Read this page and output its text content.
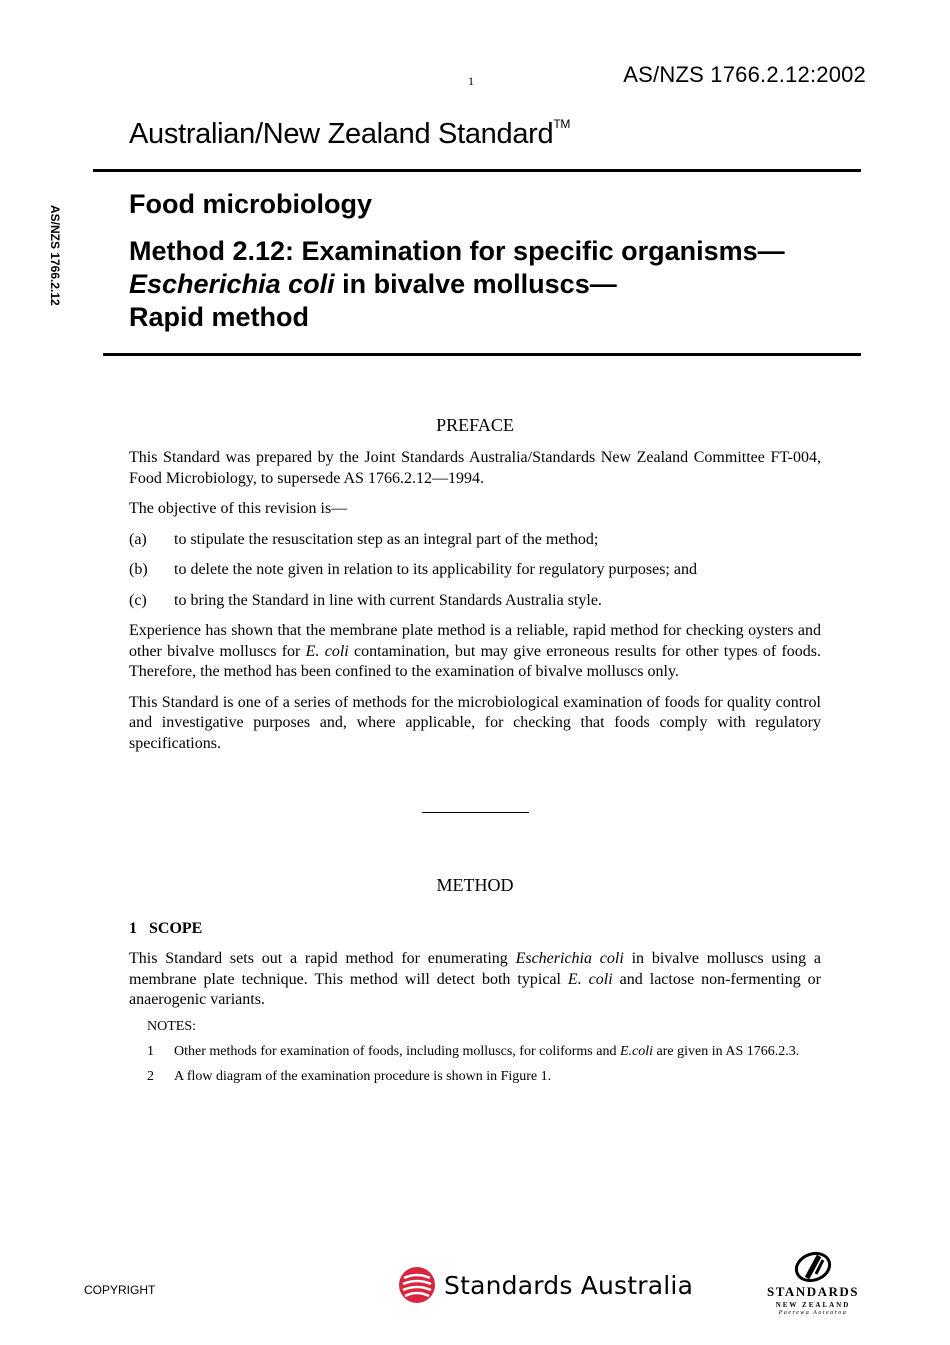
1	AS/NZS 1766.2.12:2002
Australian/New Zealand Standard™
AS/NZS 1766.2.12

Food microbiology

Method 2.12: Examination for specific organisms—
Escherichia coli in bivalve molluscs—
Rapid method

PREFACE

This Standard was prepared by the Joint Standards Australia/Standards New Zealand Committee FT-004, Food Microbiology, to supersede AS 1766.2.12—1994.

The objective of this revision is—

(a)	to stipulate the resuscitation step as an integral part of the method;
(b)	to delete the note given in relation to its applicability for regulatory purposes; and
(c)	to bring the Standard in line with current Standards Australia style.

Experience has shown that the membrane plate method is a reliable, rapid method for checking oysters and other bivalve molluscs for E. coli contamination, but may give erroneous results for other types of foods. Therefore, the method has been confined to the examination of bivalve molluscs only.

This Standard is one of a series of methods for the microbiological examination of foods for quality control and investigative purposes and, where applicable, for checking that foods comply with regulatory specifications.

METHOD
1 SCOPE

This Standard sets out a rapid method for enumerating Escherichia coli in bivalve molluscs using a membrane plate technique. This method will detect both typical E. coli and lactose non-fermenting or anaerogenic variants.

NOTES:
1	Other methods for examination of foods, including molluscs, for coliforms and E.coli are given in AS 1766.2.3.
2	A flow diagram of the examination procedure is shown in Figure 1.
COPYRIGHT	Standards Australia	STANDARDS
NEW ZEALAND
Paerewa Aotearoa
